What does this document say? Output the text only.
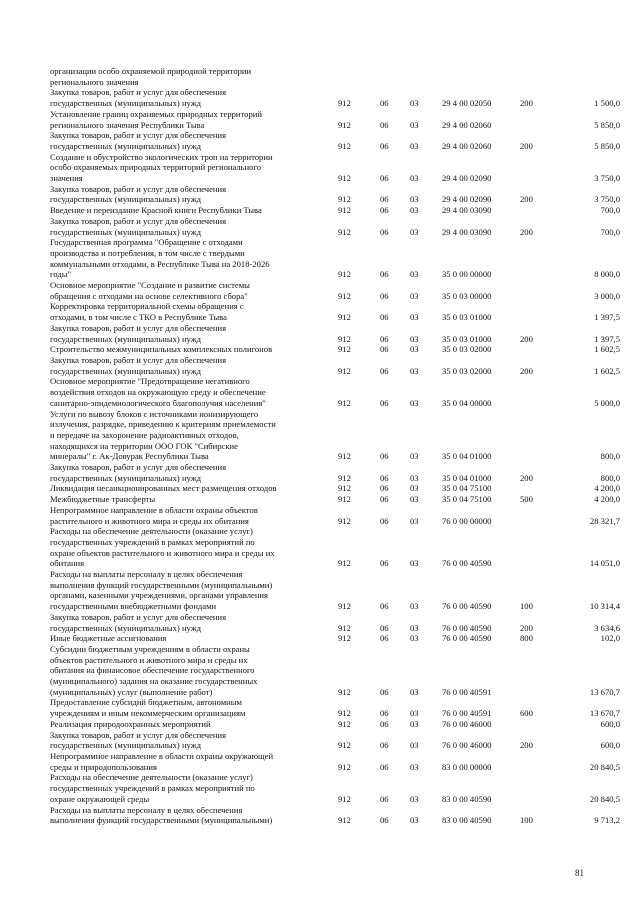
организации особо охраняемой природной территории
регионального значения						

Закупка товаров, работ и услуг для обеспечения
государственных (муниципальных) нужд	912	06	03	29 4 00 02050	200	1 500,0

Установление границ охраняемых природных территорий
регионального значения Республики Тыва	912	06	03	29 4 00 02060		5 850,0

Закупка товаров, работ и услуг для обеспечения
государственных (муниципальных) нужд	912	06	03	29 4 00 02060	200	5 850,0

Создание и обустройство экологических троп на территории
особо охраняемых природных территорий регионального
значения	912	06	03	29 4 00 02090		3 750,0

Закупка товаров, работ и услуг для обеспечения
государственных (муниципальных) нужд	912	06	03	29 4 00 02090	200	3 750,0

Введение и переиздание Красной книги Республики Тыва	912	06	03	29 4 00 03090		700,0

Закупка товаров, работ и услуг для обеспечения
государственных (муниципальных) нужд	912	06	03	29 4 00 03090	200	700,0

Государственная программа "Обращение с отходами
производства и потребления, в том числе с твердыми
коммунальными отходами, в Республике Тыва на 2018-2026
годы"	912	06	03	35 0 00 00000		8 000,0

Основное мероприятие "Создание и развитие системы
обращения с отходами на основе селективного сбора"	912	06	03	35 0 03 00000		3 000,0

Корректировка территориальной схемы обращения с
отходами, в том числе с ТКО в Республике Тыва	912	06	03	35 0 03 01000		1 397,5

Закупка товаров, работ и услуг для обеспечения
государственных (муниципальных) нужд	912	06	03	35 0 03 01000	200	1 397,5

Строительство межмуниципальных комплексных полигонов	912	06	03	35 0 03 02000		1 602,5

Закупка товаров, работ и услуг для обеспечения
государственных (муниципальных) нужд	912	06	03	35 0 03 02000	200	1 602,5

Основное мероприятие "Предотвращение негативного
воздействия отходов на окружающую среду и обеспечение
санитарно-эпидемиологического благополучия населения"	912	06	03	35 0 04 00000		5 000,0

Услуги по вывозу блоков с источниками ионизирующего
излучения, разрядке, приведению к критериям приемлемости
и передаче на захоронение радиоактивных отходов,
находящихся на территории ООО ГОК "Сибирские
минералы" г. Ак-Довурак Республики Тыва	912	06	03	35 0 04 01000		800,0

Закупка товаров, работ и услуг для обеспечения
государственных (муниципальных) нужд	912	06	03	35 0 04 01000	200	800,0

Ликвидация несанкционированных мест размещения отходов	912	06	03	35 0 04 75100		4 200,0

Межбюджетные трансферты	912	06	03	35 0 04 75100	500	4 200,0

Непрограммное направление в области охраны объектов
растительного и животного мира и среды их обитания	912	06	03	76 0 00 00000		28 321,7

Расходы на обеспечение деятельности (оказание услуг)
государственных учреждений в рамках мероприятий по
охране объектов растительного и животного мира и среды их
обитания	912	06	03	76 0 00 40590		14 051,0

Расходы на выплаты персоналу в целях обеспечения
выполнения функций государственными (муниципальными)
органами, казенными учреждениями, органами управления
государственными внебюджетными фондами	912	06	03	76 0 00 40590	100	10 314,4

Закупка товаров, работ и услуг для обеспечения
государственных (муниципальных) нужд	912	06	03	76 0 00 40590	200	3 634,6

Иные бюджетные ассигнования	912	06	03	76 0 00 40590	800	102,0

Субсидии бюджетным учреждениям в области охраны
объектов растительного и животного мира и среды их
обитания на финансовое обеспечение государственного
(муниципального) задания на оказание государственных
(муниципальных) услуг (выполнение работ)	912	06	03	76 0 00 40591		13 670,7

Предоставление субсидий бюджетным, автономным
учреждениям и иным некоммерческим организациям	912	06	03	76 0 00 40591	600	13 670,7

Реализация природоохранных мероприятий	912	06	03	76 0 00 46000		600,0

Закупка товаров, работ и услуг для обеспечения
государственных (муниципальных) нужд	912	06	03	76 0 00 46000	200	600,0

Непрограммное направление в области охраны окружающей
среды и природопользования	912	06	03	83 0 00 00000		20 840,5

Расходы на обеспечение деятельности (оказание услуг)
государственных учреждений в рамках мероприятий по
охране окружающей среды	912	06	03	83 0 00 40590		20 840,5

Расходы на выплаты персоналу в целях обеспечения
выполнения функций государственными (муниципальными)	912	06	03	83 0 00 40590	100	9 713,2
81
